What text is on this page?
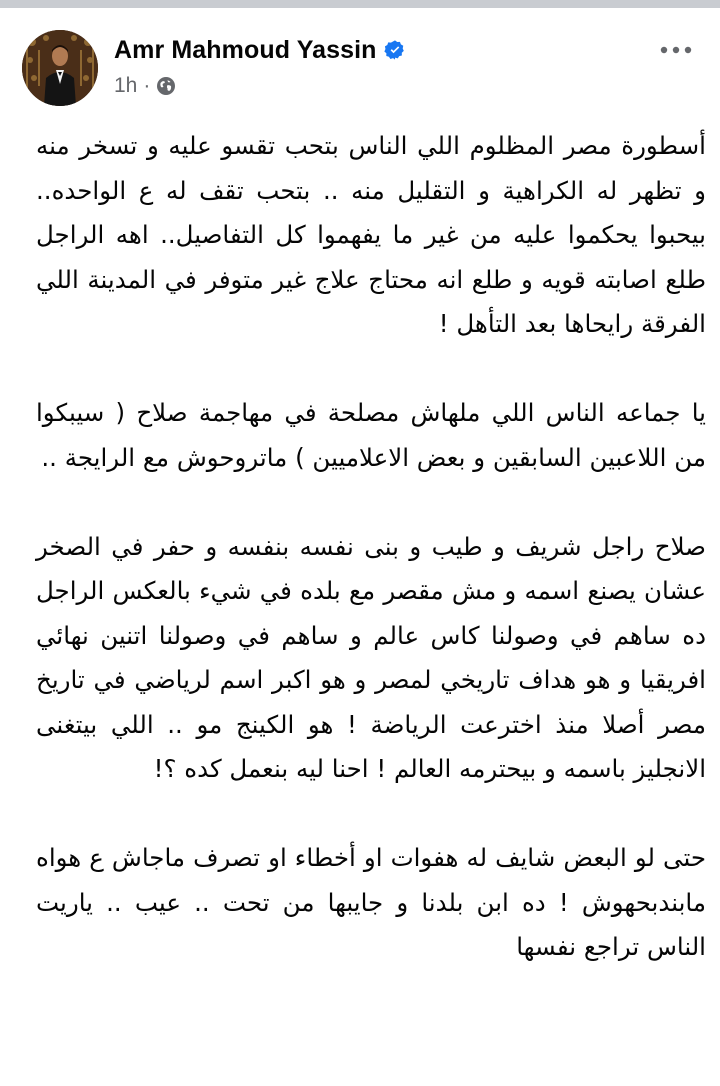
Amr Mahmoud Yassin
1h ·

أسطورة مصر المظلوم اللي الناس بتحب تقسو عليه و تسخر منه و تظهر له الكراهية و التقليل منه .. بتحب تقف له ع الواحده.. بيحبوا يحكموا عليه من غير ما يفهموا كل التفاصيل.. اهه الراجل طلع اصابته قويه و طلع انه محتاج علاج غير متوفر في المدينة اللي الفرقة رايحاها بعد التأهل !

يا جماعه الناس اللي ملهاش مصلحة في مهاجمة صلاح ( سيبكوا من اللاعبين السابقين و بعض الاعلاميين ) ماتروحوش مع الرايجة ..

صلاح راجل شريف و طيب و بنى نفسه بنفسه و حفر في الصخر عشان يصنع اسمه و مش مقصر مع بلده في شيء بالعكس الراجل ده ساهم في وصولنا كاس عالم و ساهم في وصولنا اتنين نهائي افريقيا و هو هداف تاريخي لمصر و هو اكبر اسم لرياضي في تاريخ مصر أصلا منذ اخترعت الرياضة ! هو الكينج مو .. اللي بيتغنى الانجليز باسمه و بيحترمه العالم ! احنا ليه بنعمل كده ؟!

حتى لو البعض شايف له هفوات او أخطاء او تصرف ماجاش ع هواه مابندبحهوش ! ده ابن بلدنا و جايبها من تحت .. عيب .. ياريت الناس تراجع نفسها
